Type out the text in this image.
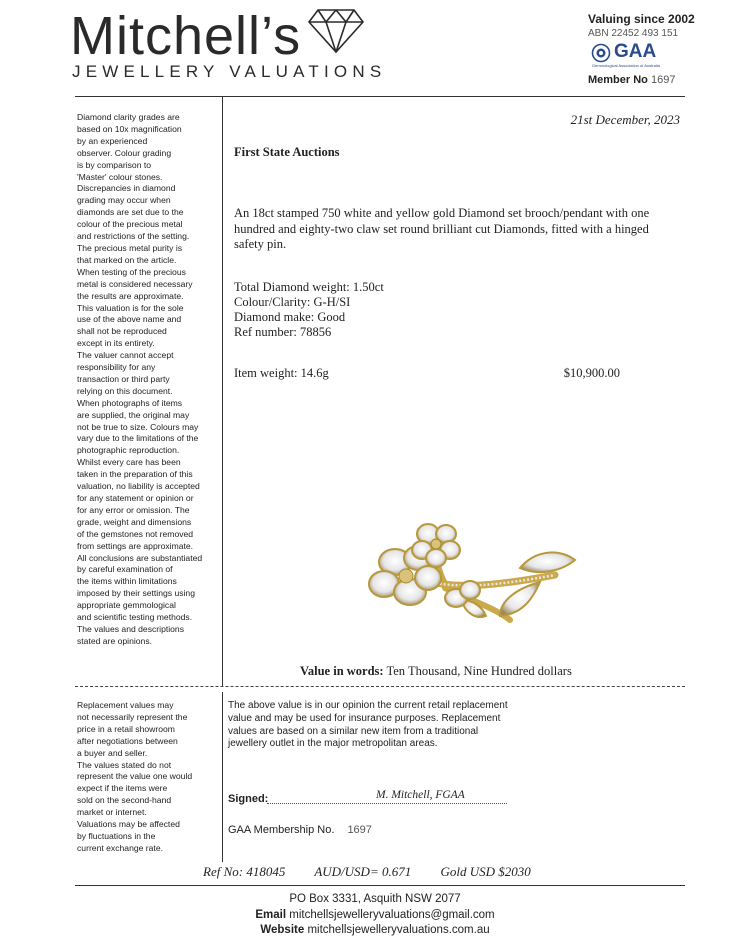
Mitchell’s
JEWELLERY VALUATIONS
Valuing since 2002
ABN 22452 493 151
GAA
Gemmological Association of Australia
Member No 1697
Diamond clarity grades are
based on 10x magnification
by an experienced
observer. Colour grading
is by comparison to
'Master' colour stones.
Discrepancies in diamond
grading may occur when
diamonds are set due to the
colour of the precious metal
and restrictions of the setting.
The precious metal purity is
that marked on the article.
When testing of the precious
metal is considered necessary
the results are approximate.
This valuation is for the sole
use of the above name and
shall not be reproduced
except in its entirety.
The valuer cannot accept
responsibility for any
transaction or third party
relying on this document.
When photographs of items
are supplied, the original may
not be true to size. Colours may
vary due to the limitations of the
photographic reproduction.
Whilst every care has been
taken in the preparation of this
valuation, no liability is accepted
for any statement or opinion or
for any error or omission. The
grade, weight and dimensions
of the gemstones not removed
from settings are approximate.
All conclusions are substantiated
by careful examination of
the items within limitations
imposed by their settings using
appropriate gemmological
and scientific testing methods.
The values and descriptions
stated are opinions.
21st December, 2023
First State Auctions
An 18ct stamped 750 white and yellow gold Diamond set brooch/pendant with one hundred and eighty-two claw set round brilliant cut Diamonds, fitted with a hinged safety pin.
Total Diamond weight: 1.50ct
Colour/Clarity: G-H/SI
Diamond make: Good
Ref number: 78856
Item weight: 14.6g	$10,900.00
Value in words: Ten Thousand, Nine Hundred dollars
Replacement values may
not necessarily represent the
price in a retail showroom
after negotiations between
a buyer and seller.
The values stated do not
represent the value one would
expect if the items were
sold on the second-hand
market or internet.
Valuations may be affected
by fluctuations in the
current exchange rate.
The above value is in our opinion the current retail replacement value and may be used for insurance purposes. Replacement values are based on a similar new item from a traditional jewellery outlet in the major metropolitan areas.
Signed:	M. Mitchell, FGAA
GAA Membership No. 1697
Ref No: 418045 AUD/USD= 0.671 Gold USD $2030
PO Box 3331, Asquith NSW 2077
Email mitchellsjewelleryvaluations@gmail.com
Website mitchellsjewelleryvaluations.com.au
